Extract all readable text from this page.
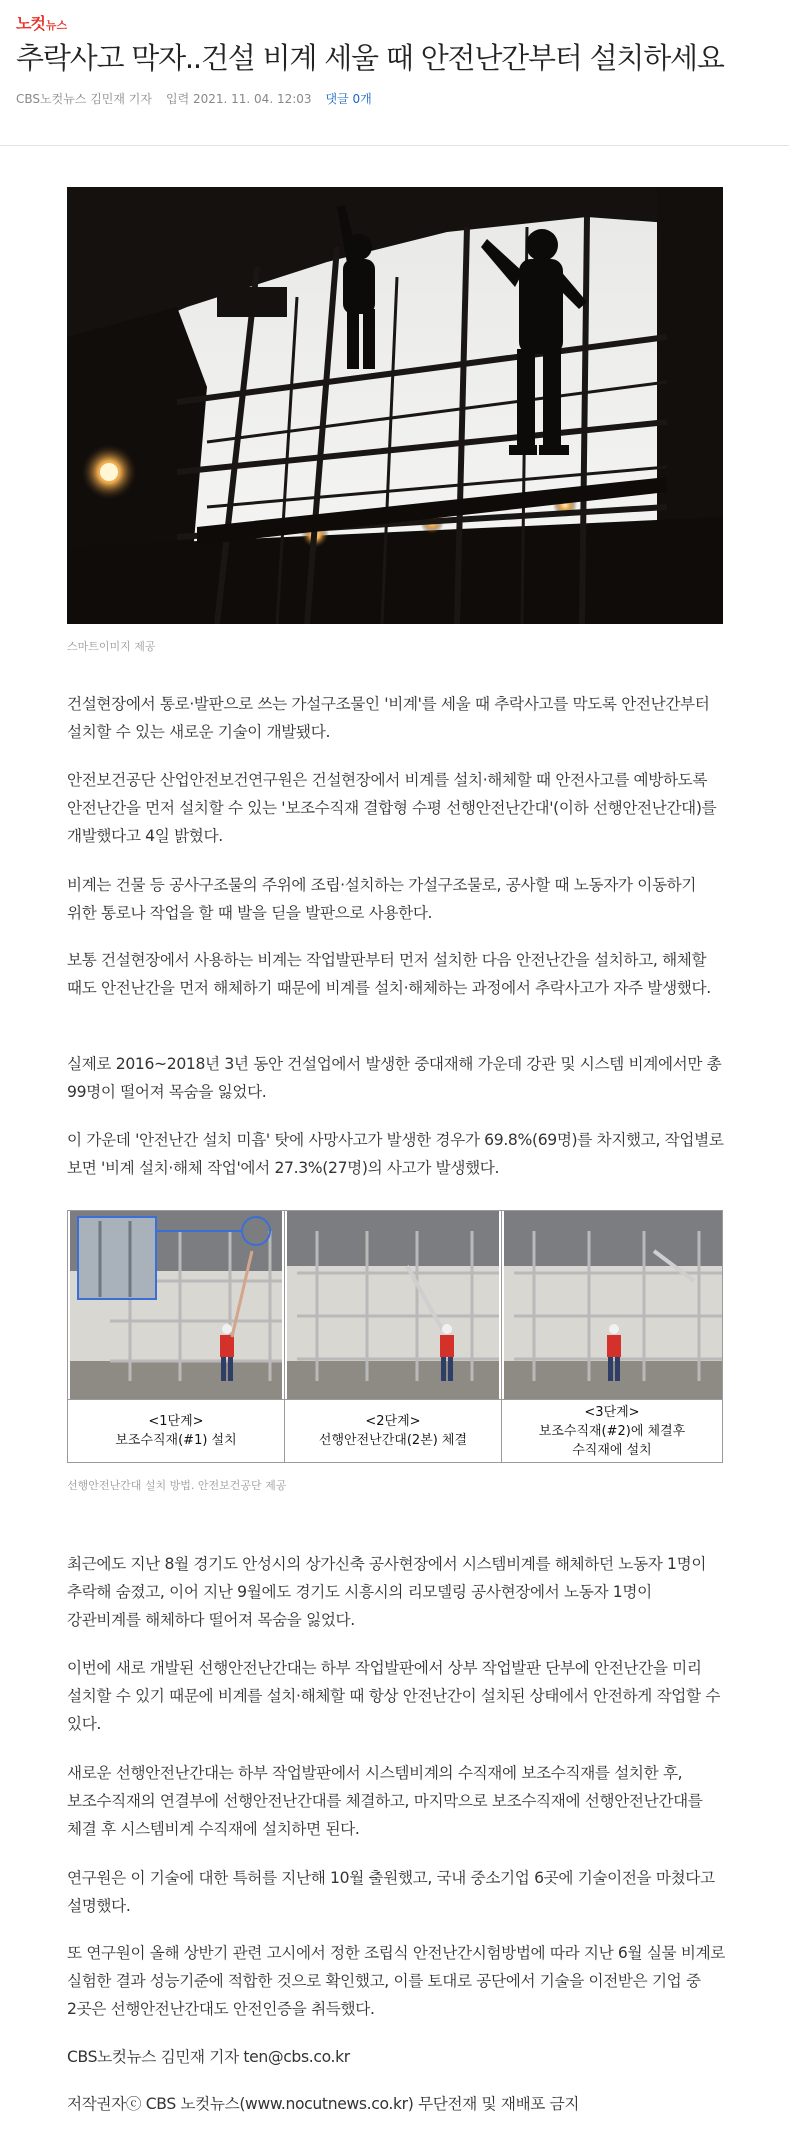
노컷 뉴스
추락사고 막자..건설 비계 세울 때 안전난간부터 설치하세요
CBS노컷뉴스 김민재 기자 입력 2021. 11. 04. 12:03 댓글 0개
스마트이미지 제공

건설현장에서 통로·발판으로 쓰는 가설구조물인 '비계'를 세울 때 추락사고를 막도록 안전난간부터 설치할 수 있는 새로운 기술이 개발됐다.

안전보건공단 산업안전보건연구원은 건설현장에서 비계를 설치·해체할 때 안전사고를 예방하도록 안전난간을 먼저 설치할 수 있는 '보조수직재 결합형 수평 선행안전난간대'(이하 선행안전난간대)를 개발했다고 4일 밝혔다.

비계는 건물 등 공사구조물의 주위에 조립·설치하는 가설구조물로, 공사할 때 노동자가 이동하기 위한 통로나 작업을 할 때 발을 딛을 발판으로 사용한다.

보통 건설현장에서 사용하는 비계는 작업발판부터 먼저 설치한 다음 안전난간을 설치하고, 해체할 때도 안전난간을 먼저 해체하기 때문에 비계를 설치·해체하는 과정에서 추락사고가 자주 발생했다.

실제로 2016~2018년 3년 동안 건설업에서 발생한 중대재해 가운데 강관 및 시스템 비계에서만 총 99명이 떨어져 목숨을 잃었다.

이 가운데 '안전난간 설치 미흡' 탓에 사망사고가 발생한 경우가 69.8%(69명)를 차지했고, 작업별로 보면 '비계 설치·해체 작업'에서 27.3%(27명)의 사고가 발생했다.

<1단계>
보조수직재(#1) 설치
<2단계>
선행안전난간대(2본) 체결
<3단계>
보조수직재(#2)에 체결후
수직재에 설치
선행안전난간대 설치 방법. 안전보건공단 제공

최근에도 지난 8월 경기도 안성시의 상가신축 공사현장에서 시스템비계를 해체하던 노동자 1명이 추락해 숨졌고, 이어 지난 9월에도 경기도 시흥시의 리모델링 공사현장에서 노동자 1명이 강관비계를 해체하다 떨어져 목숨을 잃었다.

이번에 새로 개발된 선행안전난간대는 하부 작업발판에서 상부 작업발판 단부에 안전난간을 미리 설치할 수 있기 때문에 비계를 설치·해체할 때 항상 안전난간이 설치된 상태에서 안전하게 작업할 수 있다.

새로운 선행안전난간대는 하부 작업발판에서 시스템비계의 수직재에 보조수직재를 설치한 후, 보조수직재의 연결부에 선행안전난간대를 체결하고, 마지막으로 보조수직재에 선행안전난간대를 체결 후 시스템비계 수직재에 설치하면 된다.

연구원은 이 기술에 대한 특허를 지난해 10월 출원했고, 국내 중소기업 6곳에 기술이전을 마쳤다고 설명했다.

또 연구원이 올해 상반기 관련 고시에서 정한 조립식 안전난간시험방법에 따라 지난 6월 실물 비계로 실험한 결과 성능기준에 적합한 것으로 확인했고, 이를 토대로 공단에서 기술을 이전받은 기업 중 2곳은 선행안전난간대도 안전인증을 취득했다.

CBS노컷뉴스 김민재 기자 ten@cbs.co.kr

저작권자ⓒ CBS 노컷뉴스(www.nocutnews.co.kr) 무단전재 및 재배포 금지
